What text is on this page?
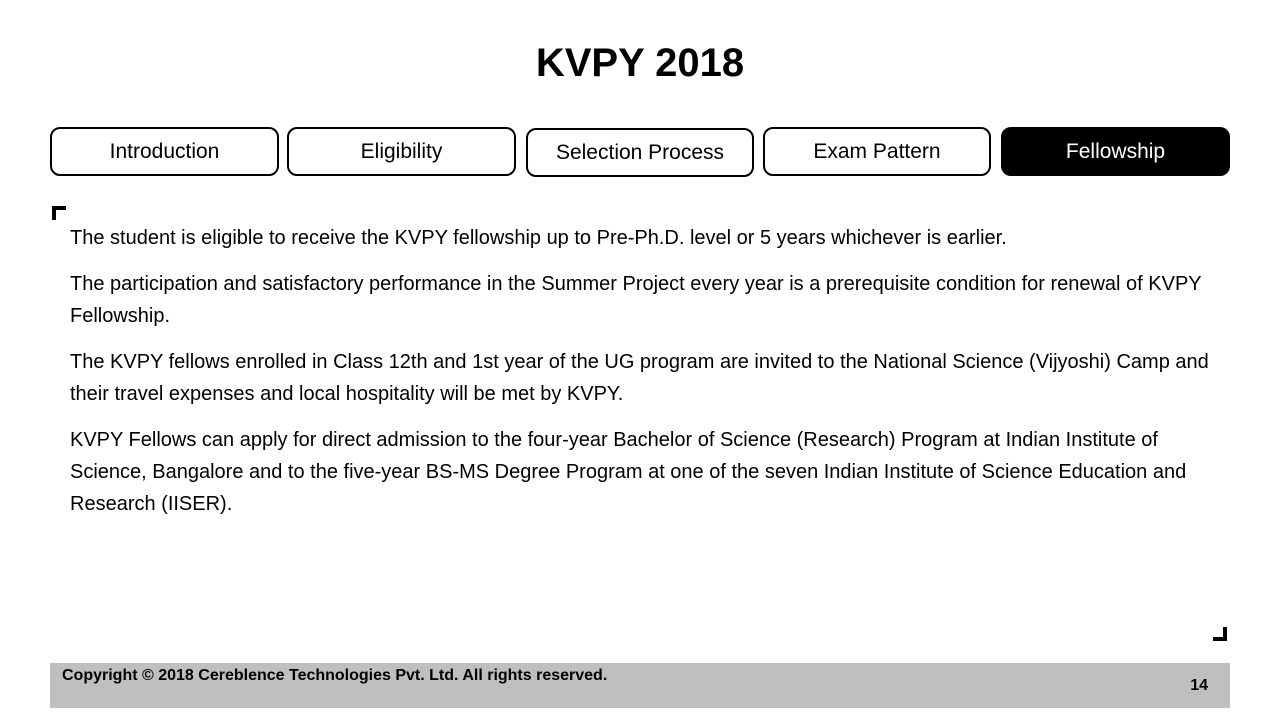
KVPY 2018
Introduction	Eligibility	Selection Process	Exam Pattern	Fellowship

The student is eligible to receive the KVPY fellowship up to Pre-Ph.D. level or 5 years whichever is earlier.

The participation and satisfactory performance in the Summer Project every year is a prerequisite condition for renewal of KVPY Fellowship.

The KVPY fellows enrolled in Class 12th and 1st year of the UG program are invited to the National Science (Vijyoshi) Camp and their travel expenses and local hospitality will be met by KVPY.

KVPY Fellows can apply for direct admission to the four-year Bachelor of Science (Research) Program at Indian Institute of Science, Bangalore and to the five-year BS-MS Degree Program at one of the seven Indian Institute of Science Education and Research (IISER).

Copyright © 2018 Cereblence Technologies Pvt. Ltd. All rights reserved.
14
